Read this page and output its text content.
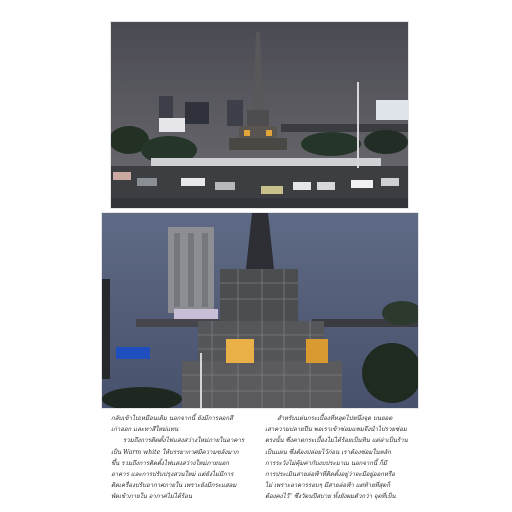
กลับเข้าไปเหมือนเดิม นอกจากนี้ ยังมีการลอกสี

เก่าออก และทาสีใหม่แทน

รวมถึงการติดตั้งไฟแสงสว่างใหม่ภายในอาคาร

เป็น Warm white ให้บรรยากาศมีความขลังมาก

ขึ้น รวมถึงการติดตั้งไฟแสงสว่างใหม่ภายนอก

อาคาร และการปรับปรุงสวนใหม่ แต่ยังไม่มีการ

ติดเครื่องปรับอากาศภายใน เพราะยังมีกระแสลม

พัดเข้าภายใน อากาศไม่ได้ร้อน

สำหรับแผ่นกระเบื้องที่หลุดไปหนึ่งจุด บนยอด

เสาความปลายปืน พอเราเข้าซ่อมแซมจึงนำไปรวยซ่อม

ตรงนั้น ซึ่งคาดกระเบื้องไม่ได้ร้อยเป็นทิน แต่ล่าเป็นร้าน

เป็นแผน ซึ่งต้องปล่อยไว้ก่อน เราต้องซ่อมในหลัก

การระวังไม่คุ้มค่ากับงบประมาณ นอกจากนี้ ก็มี

การประเมินสายล่อฟ้าที่ติดตั้งอยู่ว่าจะมีอยู่ออกหรือ

ไม่ เพราะอาคารรอบๆ มีสายล่อฟ้า แต่ท้ายที่สุดก็

ต้องคงไว้" ซึ่งวัดนปีสบาย ทั้งยังผมตัวกว่า จุดที่เป็น
